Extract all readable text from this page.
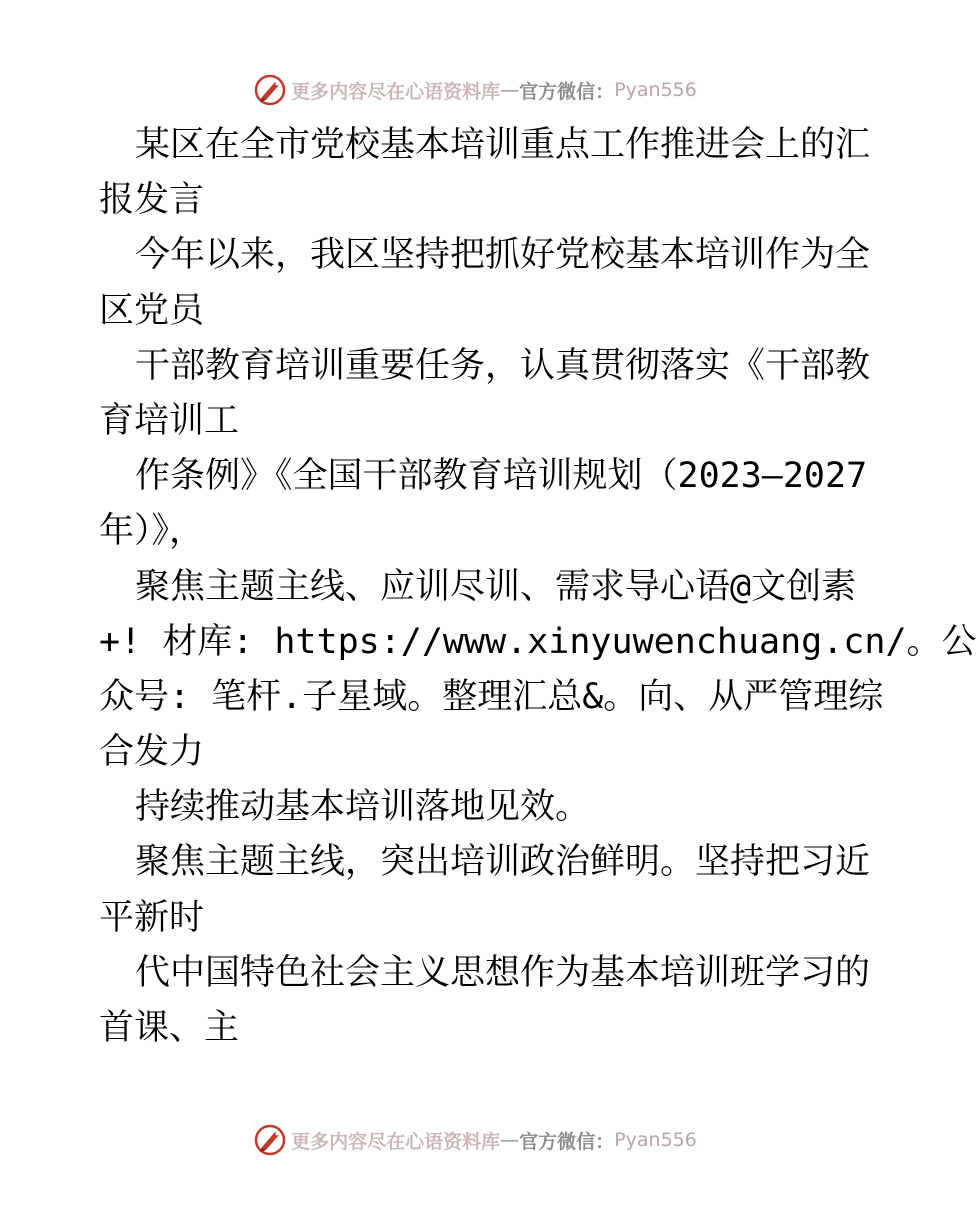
更多内容尽在心语资料库 — 官方微信： Pyan556
某区在全市党校基本培训重点工作推进会上的汇
报发言
今年以来，我区坚持把抓好党校基本培训作为全
区党员
干部教育培训重要任务，认真贯彻落实《干部教
育培训工
作条例》《全国干部教育培训规划（2023—2027
年）》，
聚焦主题主线、应训尽训、需求导心语@文创素
+! 材库: https://www.xinyuwenchuang.cn/。公
众号: 笔杆.子星域。整理汇总&。向、从严管理综
合发力
持续推动基本培训落地见效。
聚焦主题主线，突出培训政治鲜明。坚持把习近
平新时
代中国特色社会主义思想作为基本培训班学习的
首课、主
更多内容尽在心语资料库 — 官方微信： Pyan556
